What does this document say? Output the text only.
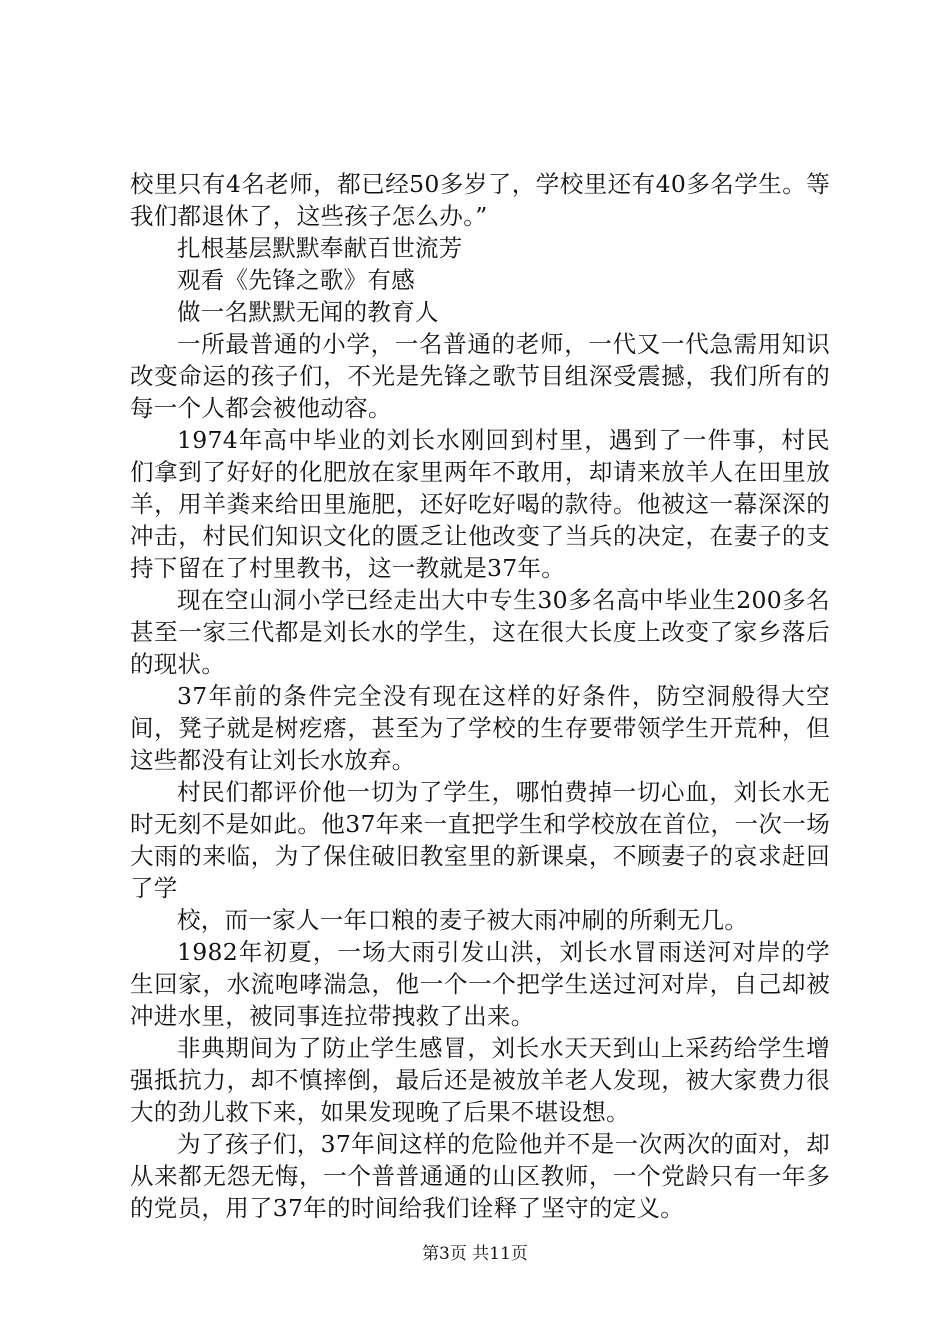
校里只有4名老师，都已经50多岁了，学校里还有40多名学生。等我们都退休了，这些孩子怎么办。”

扎根基层默默奉献百世流芳

观看《先锋之歌》有感

做一名默默无闻的教育人

一所最普通的小学，一名普通的老师，一代又一代急需用知识改变命运的孩子们，不光是先锋之歌节目组深受震撼，我们所有的每一个人都会被他动容。

1974年高中毕业的刘长水刚回到村里，遇到了一件事，村民们拿到了好好的化肥放在家里两年不敢用，却请来放羊人在田里放羊，用羊粪来给田里施肥，还好吃好喝的款待。他被这一幕深深的冲击，村民们知识文化的匮乏让他改变了当兵的决定，在妻子的支持下留在了村里教书，这一教就是37年。

现在空山洞小学已经走出大中专生30多名高中毕业生200多名甚至一家三代都是刘长水的学生，这在很大长度上改变了家乡落后的现状。

37年前的条件完全没有现在这样的好条件，防空洞般得大空间，凳子就是树疙瘩，甚至为了学校的生存要带领学生开荒种，但这些都没有让刘长水放弃。

村民们都评价他一切为了学生，哪怕费掉一切心血，刘长水无时无刻不是如此。他37年来一直把学生和学校放在首位，一次一场大雨的来临，为了保住破旧教室里的新课桌，不顾妻子的哀求赶回了学

校，而一家人一年口粮的麦子被大雨冲刷的所剩无几。

1982年初夏，一场大雨引发山洪，刘长水冒雨送河对岸的学生回家，水流咆哮湍急，他一个一个把学生送过河对岸，自己却被冲进水里，被同事连拉带拽救了出来。

非典期间为了防止学生感冒，刘长水天天到山上采药给学生增强抵抗力，却不慎摔倒，最后还是被放羊老人发现，被大家费力很大的劲儿救下来，如果发现晚了后果不堪设想。

为了孩子们，37年间这样的危险他并不是一次两次的面对，却从来都无怨无悔，一个普普通通的山区教师，一个党龄只有一年多的党员，用了37年的时间给我们诠释了坚守的定义。

第3页 共11页
